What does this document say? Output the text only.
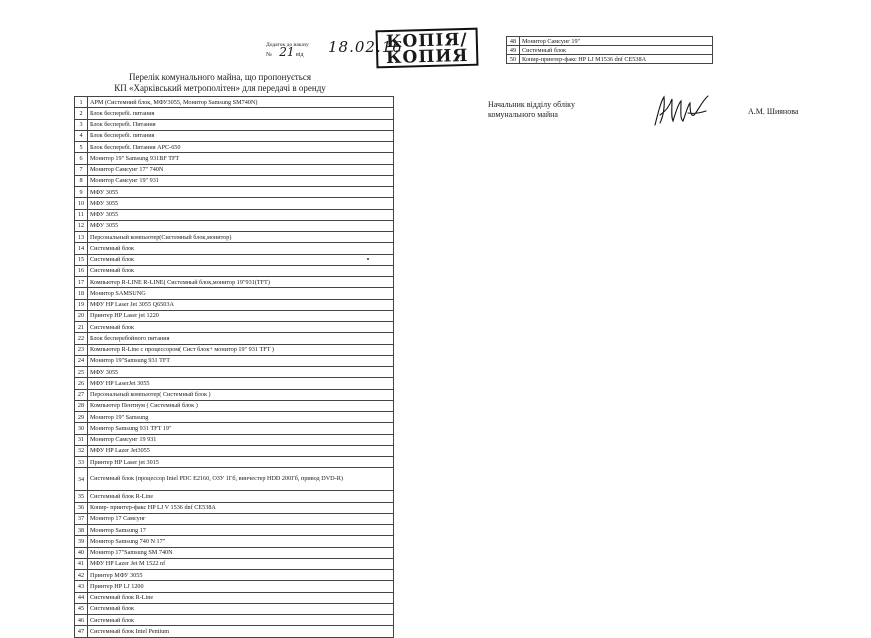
Додаток до наказу
№ 21 від	18.02.16
КОПІЯ/
КОПИЯ
Перелік комунального майна, що пропонується
КП «Харківський метрополітен» для передачі в оренду
1	АРМ (Системний блок, МФУ3055, Монитор Samsung SM740N)
2	Блок бесперебі. питания
3	Блок бесперебі. Питания
4	Блок бесперебі. питания
5	Блок бесперебі. Питания APC-650
6	Монитор 19" Samsung 931BF TFT
7	Монитор Самсунг 17" 740N
8	Монитор Самсунг 19" 931
9	МФУ 3055
10	МФУ 3055
11	МФУ 3055
12	МФУ 3055
13	Персональный компьютер(Системный блок,монитор)
14	Системный блок
15	Системный блок
16	Системный блок
17	Компьютер R-LINE R-LINE( Системный блок,монитор 19"931(TFT)
18	Монитор SAMSUNG
19	МФУ HP Laser Jet 3055 Q6503A
20	Принтер HP Laser jet 1220
21	Системный блок
22	Блок бесперебойного питания
23	Компьютер R-Line с процессором( Сист блок+ монитор 19" 931 TFT )
24	Монитор 19"Samsung 931 TFT
25	МФУ 3055
26	МФУ HP LaserJet 3055
27	Персональный компьютер( Системный блок )
28	Компьютер Пентиум ( Системный блок )
29	Монитор 19" Samsung
30	Монитор Samsung 931 TFT 19"
31	Монитор Самсунг 19 931
32	МФУ HP Lazer Jet3055
33	Принтер HP Laser jet 3015
34	Системный блок (процессор Intel PDC E2160, ОЗУ 1Гб, винчестер HDD 200Гб, привод DVD-R)
35	Системный блок R-Line
36	Копир- принтер-факс HP LJ V 1536 dnf CE538A
37	Монитор 17 Самсунг
38	Монитор Samsung 17
39	Монитор Samsung 740 N 17"
40	Монитор 17"Samsung SM 740N
41	МФУ HP Lazer Jet M 1522 nf
42	Принтер МФУ 3055
43	Принтер HP LJ 1200
44	Системный блок R-Line
45	Системный блок
46	Системный блок
47	Системный блок Intel Pentium
48	Монитор Самсунг 19"
49	Системный блок
50	Копир-принтер-факс HP LJ M1536 dnf CE538A
Начальник відділу обліку
комунального майна	А.М. Шиянова
